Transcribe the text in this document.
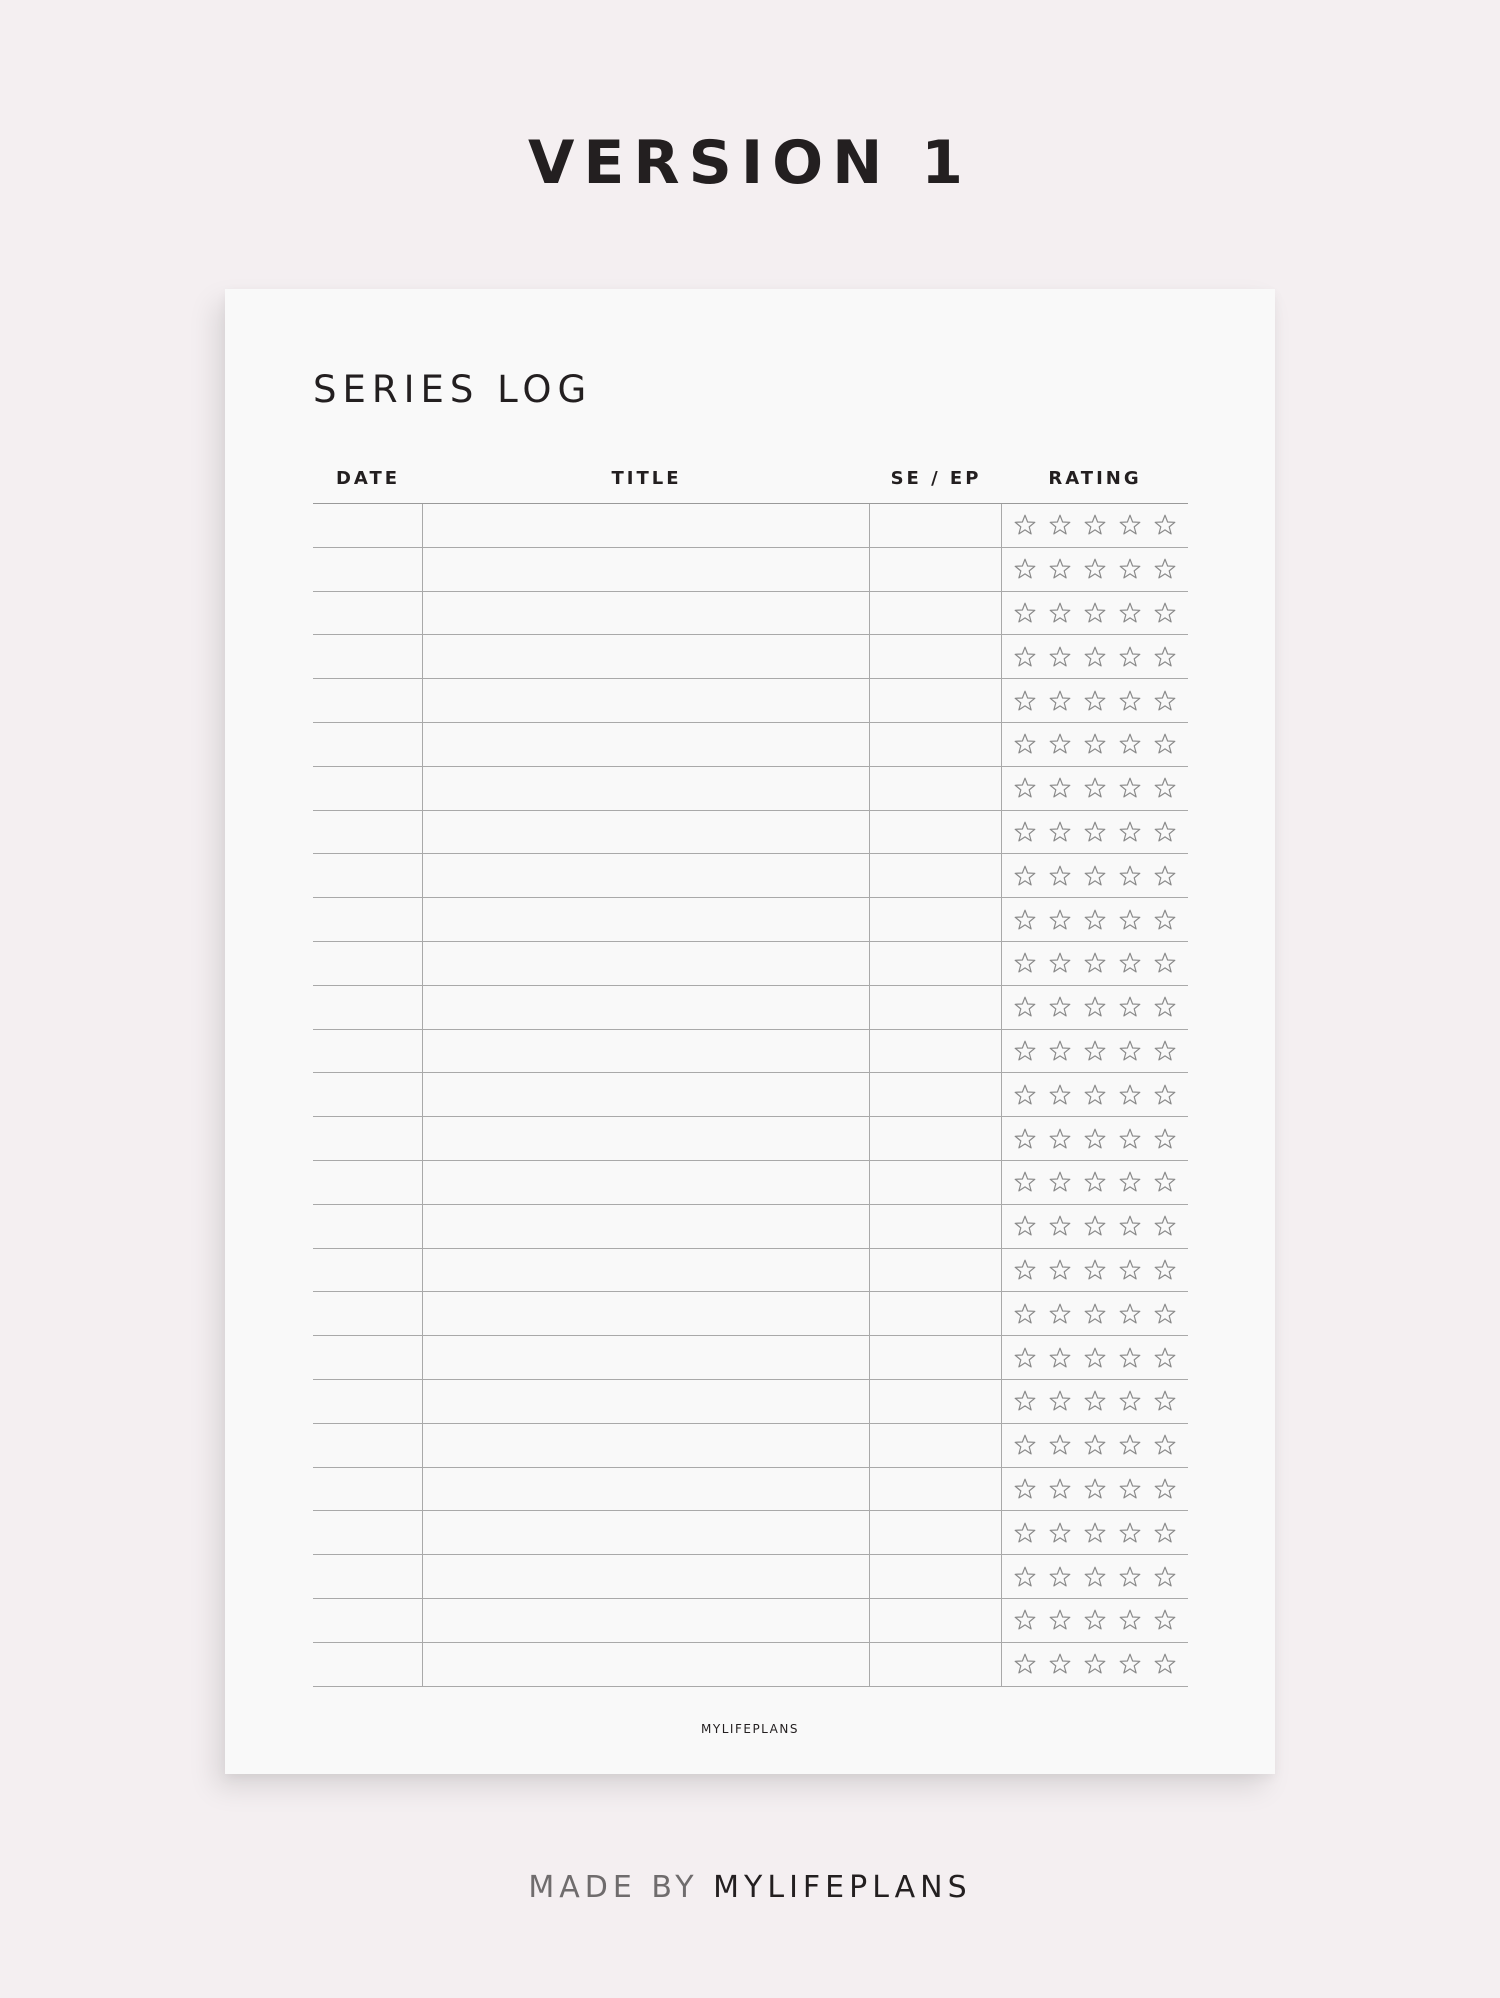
VERSION 1
SERIES LOG
DATE	TITLE	SE / EP	RATING
MYLIFEPLANS
MADE BY MYLIFEPLANS
